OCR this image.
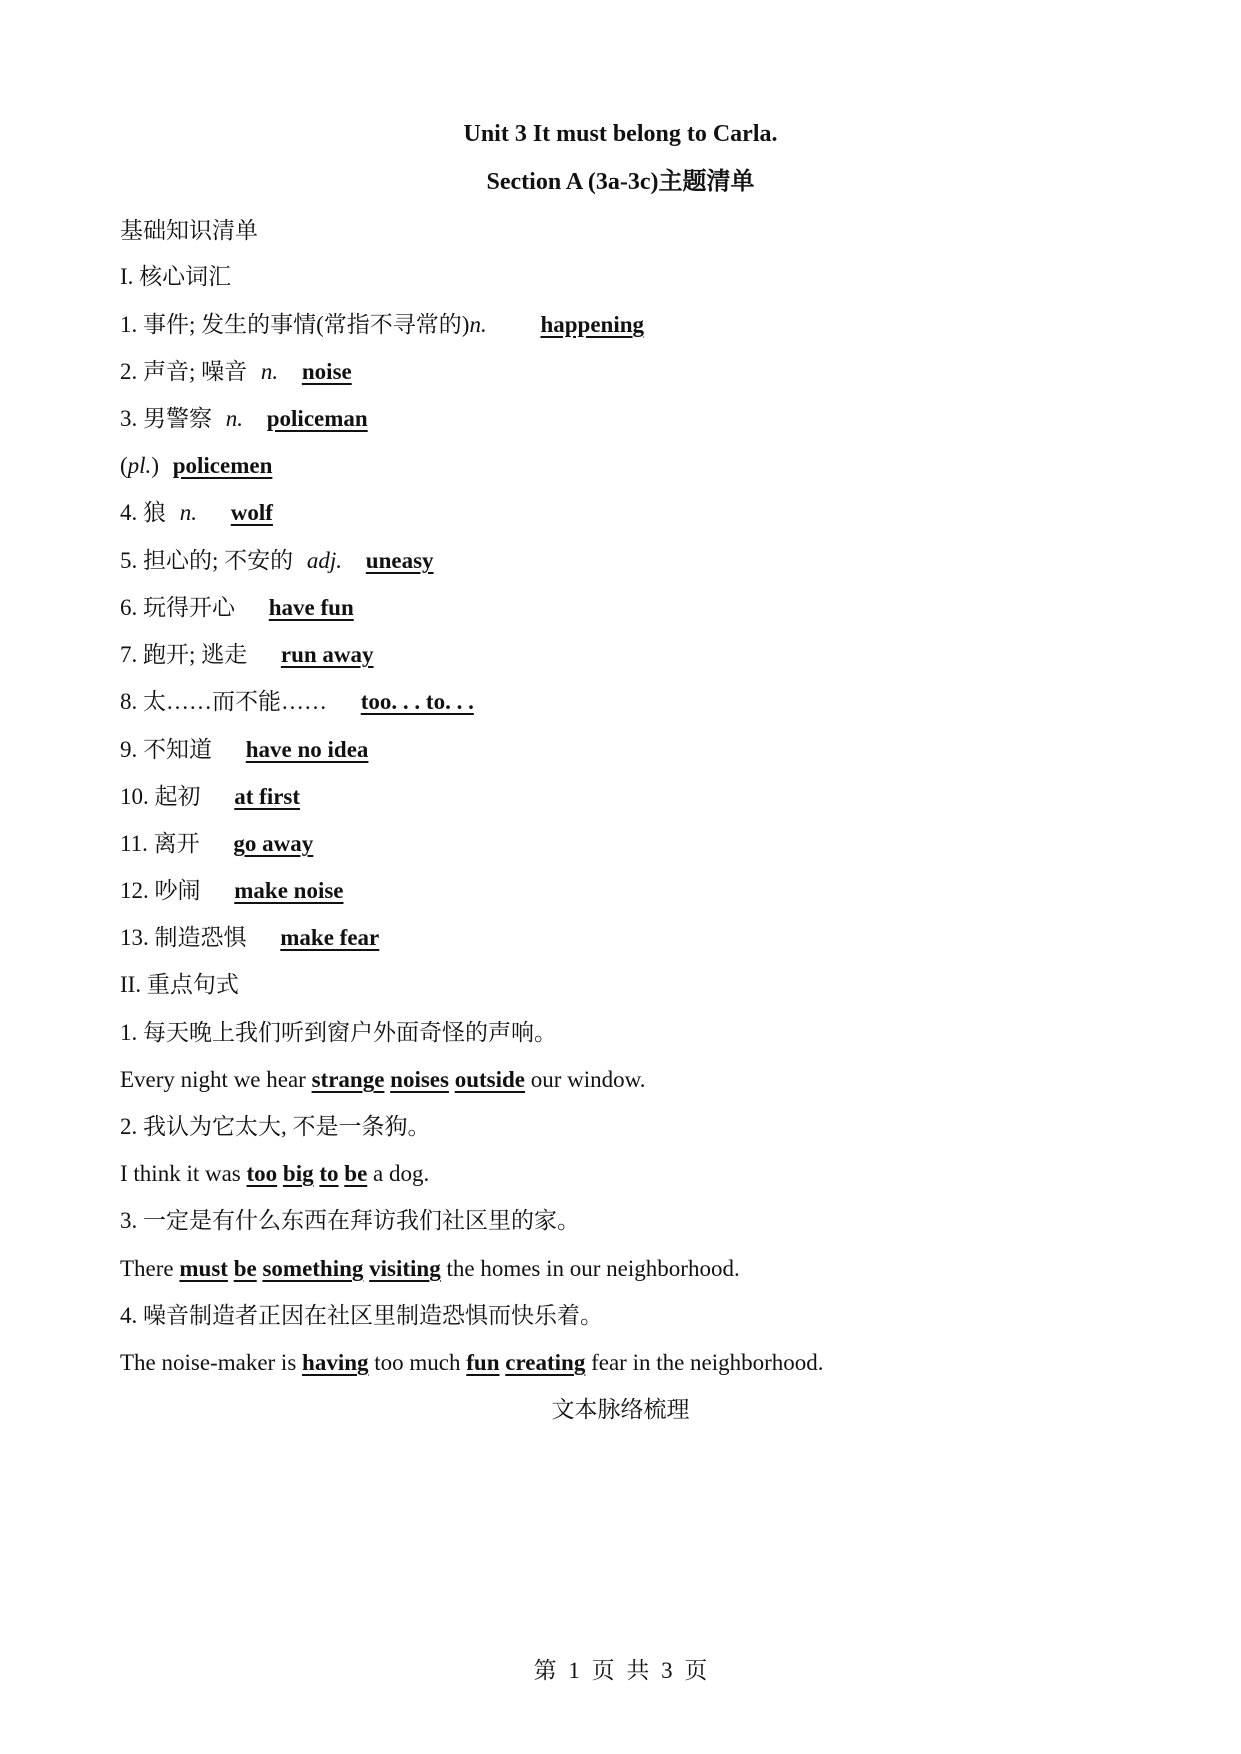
Unit 3 It must belong to Carla.
Section A (3a-3c)主题清单
基础知识清单
I. 核心词汇
1. 事件; 发生的事情(常指不寻常的)n. happening
2. 声音; 噪音 n. noise
3. 男警察 n. policeman
(pl.) policemen
4. 狼 n. wolf
5. 担心的; 不安的 adj. uneasy
6. 玩得开心 have fun
7. 跑开; 逃走 run away
8. 太……而不能…… too. . . to. . .
9. 不知道 have no idea
10. 起初 at first
11. 离开 go away
12. 吵闹 make noise
13. 制造恐惧 make fear
II. 重点句式
1. 每天晚上我们听到窗户外面奇怪的声响。
Every night we hear strange noises outside our window.
2. 我认为它太大, 不是一条狗。
I think it was too big to be a dog.
3. 一定是有什么东西在拜访我们社区里的家。
There must be something visiting the homes in our neighborhood.
4. 噪音制造者正因在社区里制造恐惧而快乐着。
The noise-maker is having too much fun creating fear in the neighborhood.
文本脉络梳理
第 1 页 共 3 页
